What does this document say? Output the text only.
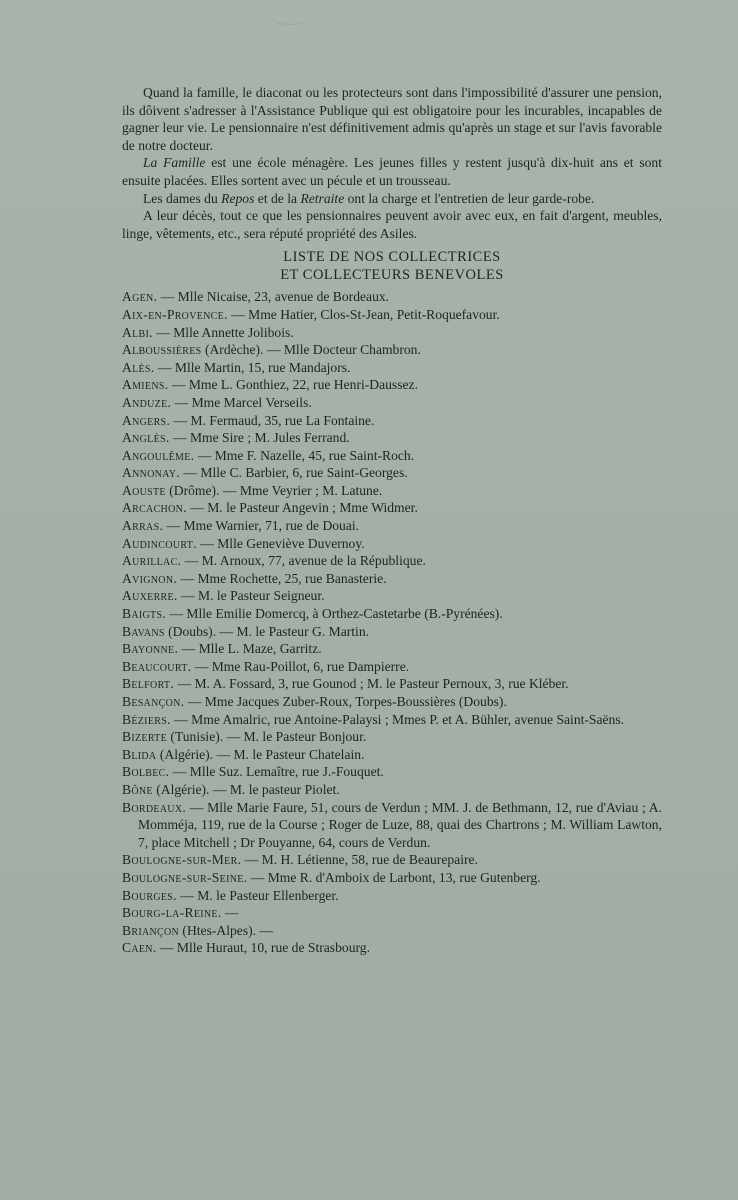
Quand la famille, le diaconat ou les protecteurs sont dans l'impossibilité d'assurer une pension, ils dôivent s'adresser à l'Assistance Publique qui est obligatoire pour les incurables, incapables de gagner leur vie. Le pensionnaire n'est définitivement admis qu'après un stage et sur l'avis favorable de notre docteur.

La Famille est une école ménagère. Les jeunes filles y restent jusqu'à dix-huit ans et sont ensuite placées. Elles sortent avec un pécule et un trousseau.

Les dames du Repos et de la Retraite ont la charge et l'entretien de leur garde-robe.

A leur décès, tout ce que les pensionnaires peuvent avoir avec eux, en fait d'argent, meubles, linge, vêtements, etc., sera réputé propriété des Asiles.

LISTE DE NOS COLLECTRICES
ET COLLECTEURS BENEVOLES

Agen. — Mlle Nicaise, 23, avenue de Bordeaux.

Aix-en-Provence. — Mme Hatier, Clos-St-Jean, Petit-Roquefavour.

Albi. — Mlle Annette Jolibois.

Alboussières (Ardèche). — Mlle Docteur Chambron.

Alès. — Mlle Martin, 15, rue Mandajors.

Amiens. — Mme L. Gonthiez, 22, rue Henri-Daussez.

Anduze. — Mme Marcel Verseils.

Angers. — M. Fermaud, 35, rue La Fontaine.

Anglès. — Mme Sire ; M. Jules Ferrand.

Angoulême. — Mme F. Nazelle, 45, rue Saint-Roch.

Annonay. — Mlle C. Barbier, 6, rue Saint-Georges.

Aouste (Drôme). — Mme Veyrier ; M. Latune.

Arcachon. — M. le Pasteur Angevin ; Mme Widmer.

Arras. — Mme Warnier, 71, rue de Douai.

Audincourt. — Mlle Geneviève Duvernoy.

Aurillac. — M. Arnoux, 77, avenue de la République.

Avignon. — Mme Rochette, 25, rue Banasterie.

Auxerre. — M. le Pasteur Seigneur.

Baigts. — Mlle Emilie Domercq, à Orthez-Castetarbe (B.-Pyrénées).

Bavans (Doubs). — M. le Pasteur G. Martin.

Bayonne. — Mlle L. Maze, Garritz.

Beaucourt. — Mme Rau-Poillot, 6, rue Dampierre.

Belfort. — M. A. Fossard, 3, rue Gounod ; M. le Pasteur Pernoux, 3, rue Kléber.

Besançon. — Mme Jacques Zuber-Roux, Torpes-Boussières (Doubs).

Béziers. — Mme Amalric, rue Antoine-Palaysi ; Mmes P. et A. Bühler, avenue Saint-Saëns.

Bizerte (Tunisie). — M. le Pasteur Bonjour.

Blida (Algérie). — M. le Pasteur Chatelain.

Bolbec. — Mlle Suz. Lemaître, rue J.-Fouquet.

Bône (Algérie). — M. le pasteur Piolet.

Bordeaux. — Mlle Marie Faure, 51, cours de Verdun ; MM. J. de Bethmann, 12, rue d'Aviau ; A. Momméja, 119, rue de la Course ; Roger de Luze, 88, quai des Chartrons ; M. William Lawton, 7, place Mitchell ; Dr Pouyanne, 64, cours de Verdun.

Boulogne-sur-Mer. — M. H. Létienne, 58, rue de Beaurepaire.

Boulogne-sur-Seine. — Mme R. d'Amboix de Larbont, 13, rue Gutenberg.

Bourges. — M. le Pasteur Ellenberger.

Bourg-la-Reine. —

Briançon (Htes-Alpes). —

Caen. — Mlle Huraut, 10, rue de Strasbourg.
